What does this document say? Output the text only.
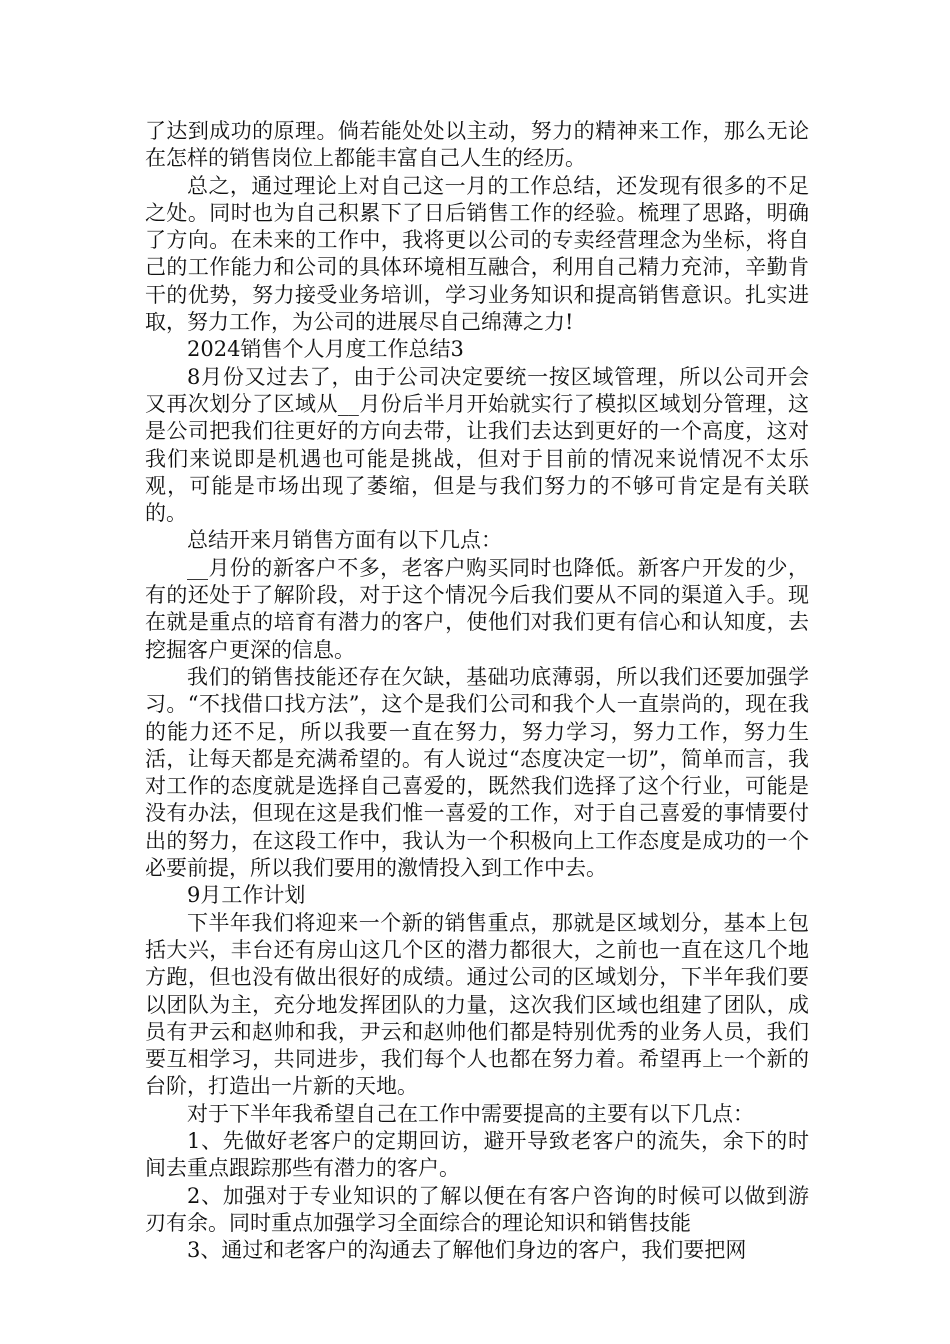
了达到成功的原理。倘若能处处以主动，努力的精神来工作，那么无论在怎样的销售岗位上都能丰富自己人生的经历。

总之，通过理论上对自己这一月的工作总结，还发现有很多的不足之处。同时也为自己积累下了日后销售工作的经验。梳理了思路，明确了方向。在未来的工作中，我将更以公司的专卖经营理念为坐标，将自己的工作能力和公司的具体环境相互融合，利用自己精力充沛，辛勤肯干的优势，努力接受业务培训，学习业务知识和提高销售意识。扎实进取，努力工作，为公司的进展尽自己绵薄之力!

2024销售个人月度工作总结3

8月份又过去了，由于公司决定要统一按区域管理，所以公司开会又再次划分了区域从__月份后半月开始就实行了模拟区域划分管理，这是公司把我们往更好的方向去带，让我们去达到更好的一个高度，这对我们来说即是机遇也可能是挑战，但对于目前的情况来说情况不太乐观，可能是市场出现了萎缩，但是与我们努力的不够可肯定是有关联的。

总结开来月销售方面有以下几点：

__月份的新客户不多，老客户购买同时也降低。新客户开发的少，有的还处于了解阶段，对于这个情况今后我们要从不同的渠道入手。现在就是重点的培育有潜力的客户，使他们对我们更有信心和认知度，去挖掘客户更深的信息。

我们的销售技能还存在欠缺，基础功底薄弱，所以我们还要加强学习。“不找借口找方法”，这个是我们公司和我个人一直崇尚的，现在我的能力还不足，所以我要一直在努力，努力学习，努力工作，努力生活，让每天都是充满希望的。有人说过“态度决定一切”，简单而言，我对工作的态度就是选择自己喜爱的，既然我们选择了这个行业，可能是没有办法，但现在这是我们惟一喜爱的工作，对于自己喜爱的事情要付出的努力，在这段工作中，我认为一个积极向上工作态度是成功的一个必要前提，所以我们要用的激情投入到工作中去。

9月工作计划

下半年我们将迎来一个新的销售重点，那就是区域划分，基本上包括大兴，丰台还有房山这几个区的潜力都很大，之前也一直在这几个地方跑，但也没有做出很好的成绩。通过公司的区域划分，下半年我们要以团队为主，充分地发挥团队的力量，这次我们区域也组建了团队，成员有尹云和赵帅和我，尹云和赵帅他们都是特别优秀的业务人员，我们要互相学习，共同进步，我们每个人也都在努力着。希望再上一个新的台阶，打造出一片新的天地。

对于下半年我希望自己在工作中需要提高的主要有以下几点：

1、先做好老客户的定期回访，避开导致老客户的流失，余下的时间去重点跟踪那些有潜力的客户。

2、加强对于专业知识的了解以便在有客户咨询的时候可以做到游刃有余。同时重点加强学习全面综合的理论知识和销售技能

3、通过和老客户的沟通去了解他们身边的客户，我们要把网
